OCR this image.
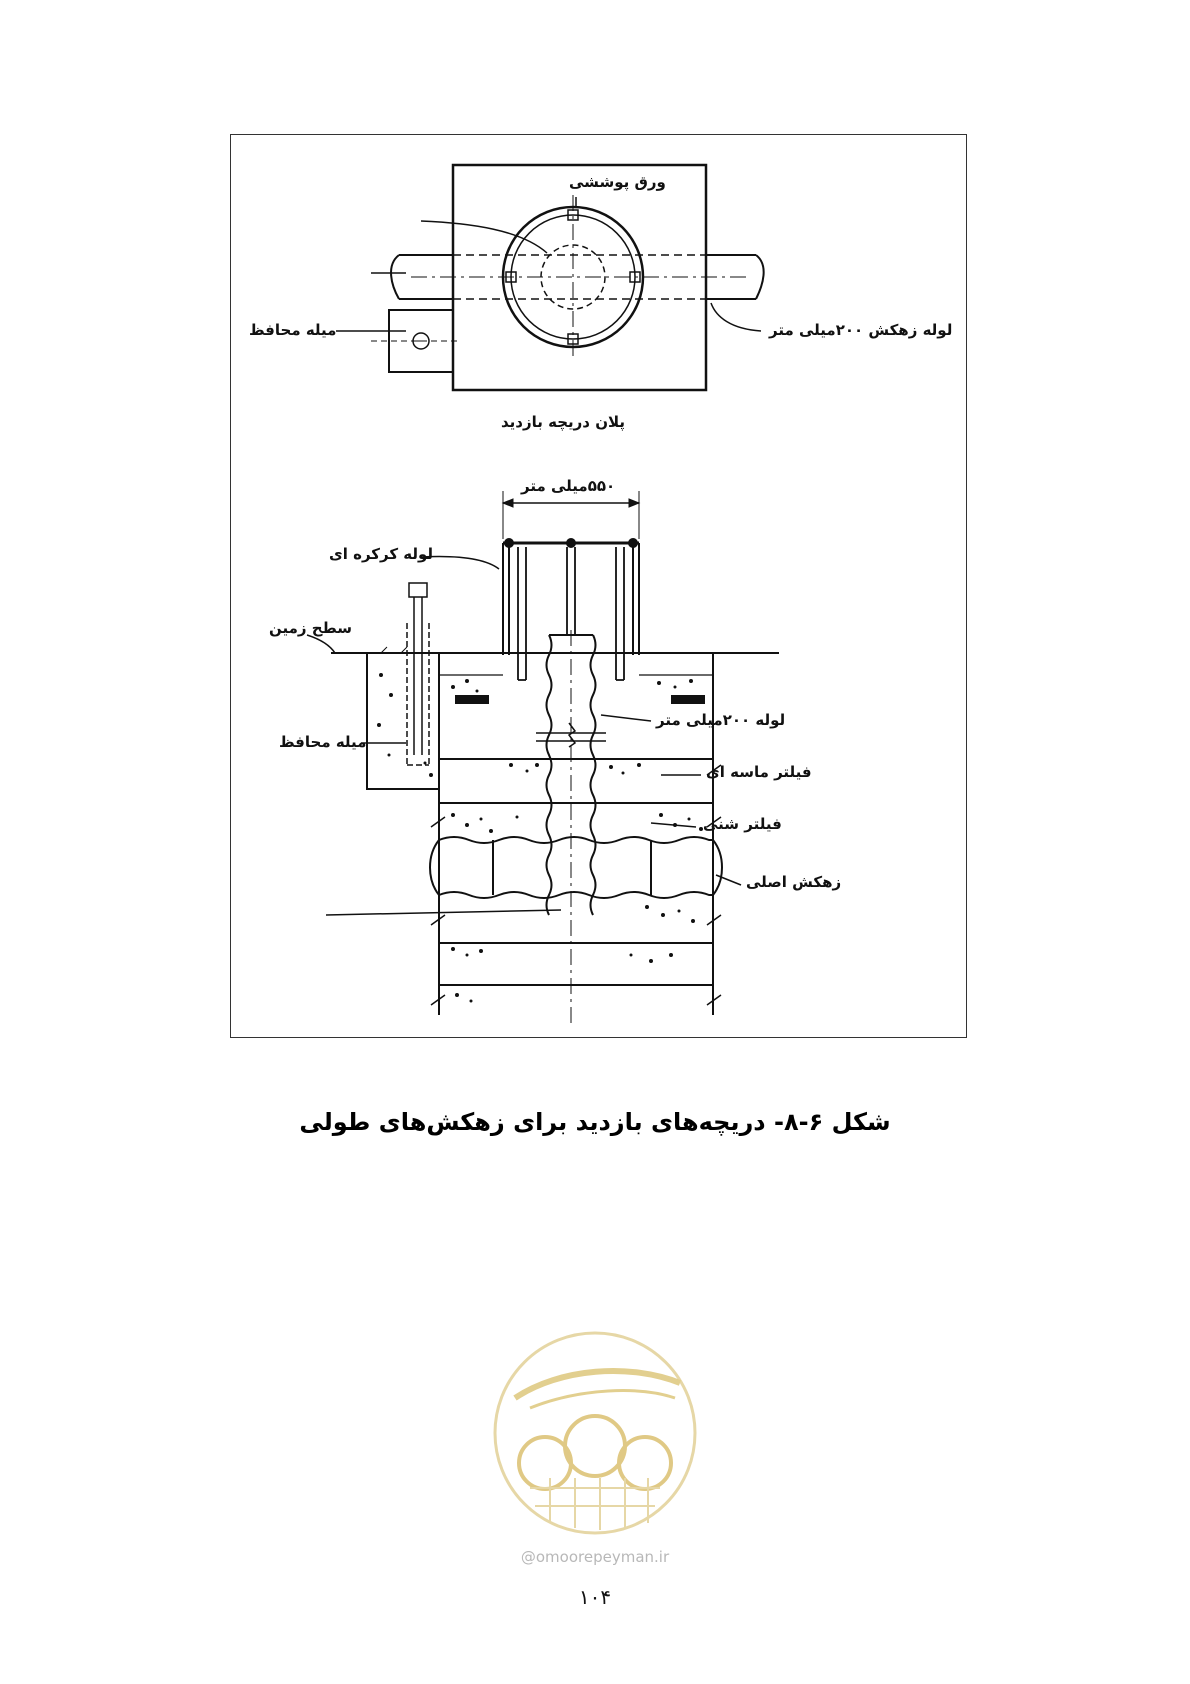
ورق پوششی
میله محافظ	لوله زهکش ۲۰۰میلی متر
پلان دریچه بازدید
۵۵۰میلی متر
لوله کرکره ای
سطح زمین
میله محافظ
لوله ۲۰۰میلی متر
فیلتر ماسه ای
فیلتر شنی
زهکش اصلی
شکل ۶-۸- دریچه‌های بازدید برای زهکش‌های طولی
@omoorepeyman.ir
۱۰۴
